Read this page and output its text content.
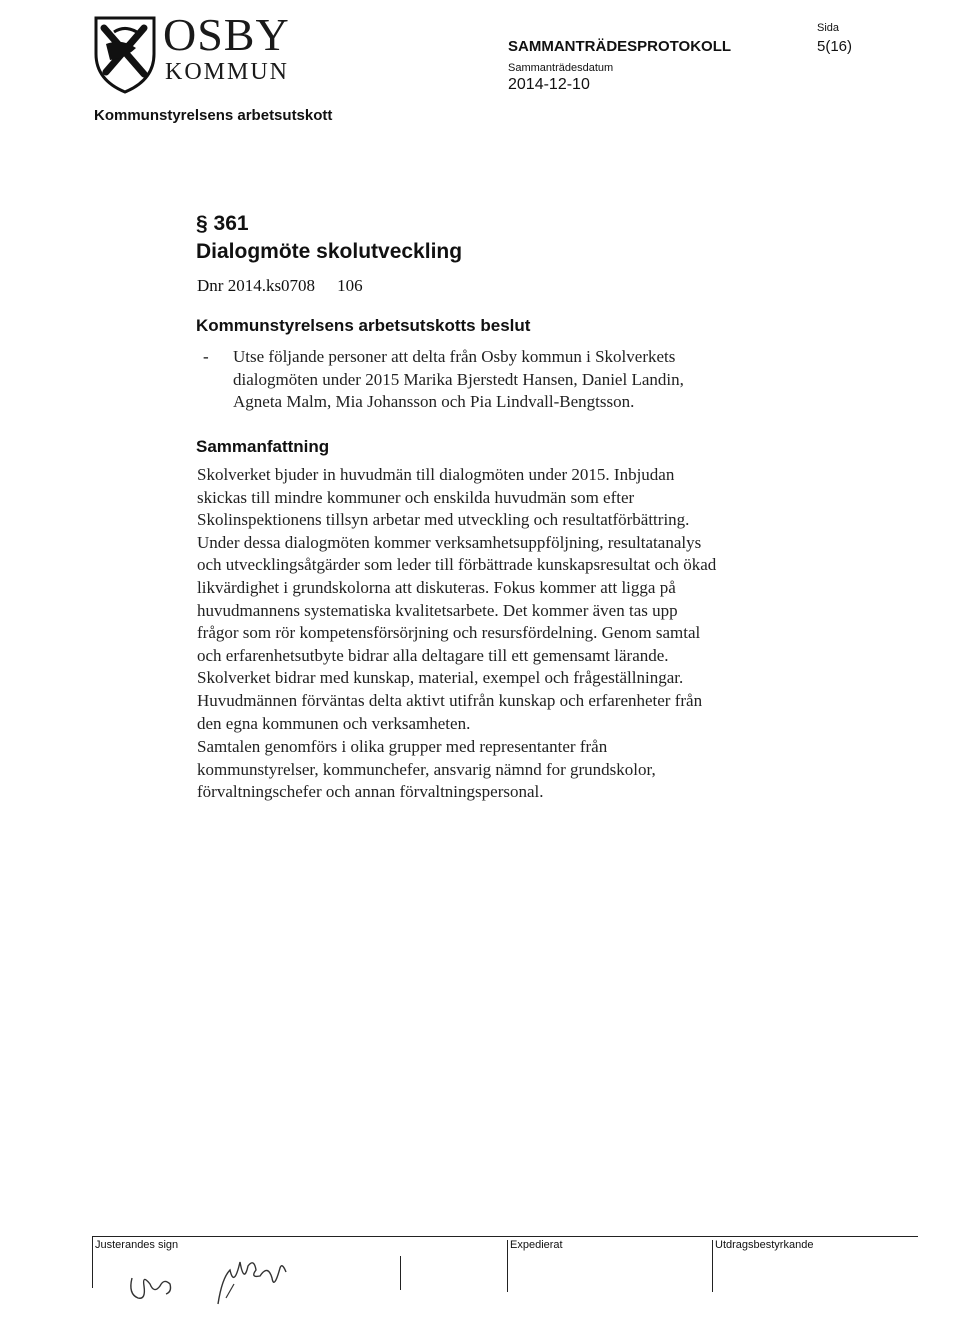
OSBY
KOMMUN
SAMMANTRÄDESPROTOKOLL
Sammanträdesdatum
2014-12-10
Sida
5(16)
Kommunstyrelsens arbetsutskott
§ 361
Dialogmöte skolutveckling
Dnr 2014.ks0708 106
Kommunstyrelsens arbetsutskotts beslut
- Utse följande personer att delta från Osby kommun i Skolverkets
dialogmöten under 2015 Marika Bjerstedt Hansen, Daniel Landin,
Agneta Malm, Mia Johansson och Pia Lindvall-Bengtsson.
Sammanfattning
Skolverket bjuder in huvudmän till dialogmöten under 2015. Inbjudan
skickas till mindre kommuner och enskilda huvudmän som efter
Skolinspektionens tillsyn arbetar med utveckling och resultatförbättring.
Under dessa dialogmöten kommer verksamhetsuppföljning, resultatanalys
och utvecklingsåtgärder som leder till förbättrade kunskapsresultat och ökad
likvärdighet i grundskolorna att diskuteras. Fokus kommer att ligga på
huvudmannens systematiska kvalitetsarbete. Det kommer även tas upp
frågor som rör kompetensförsörjning och resursfördelning. Genom samtal
och erfarenhetsutbyte bidrar alla deltagare till ett gemensamt lärande.
Skolverket bidrar med kunskap, material, exempel och frågeställningar.
Huvudmännen förväntas delta aktivt utifrån kunskap och erfarenheter från
den egna kommunen och verksamheten.
Samtalen genomförs i olika grupper med representanter från
kommunstyrelser, kommunchefer, ansvarig nämnd for grundskolor,
förvaltningschefer och annan förvaltningspersonal.
Justerandes sign	Expedierat	Utdragsbestyrkande
